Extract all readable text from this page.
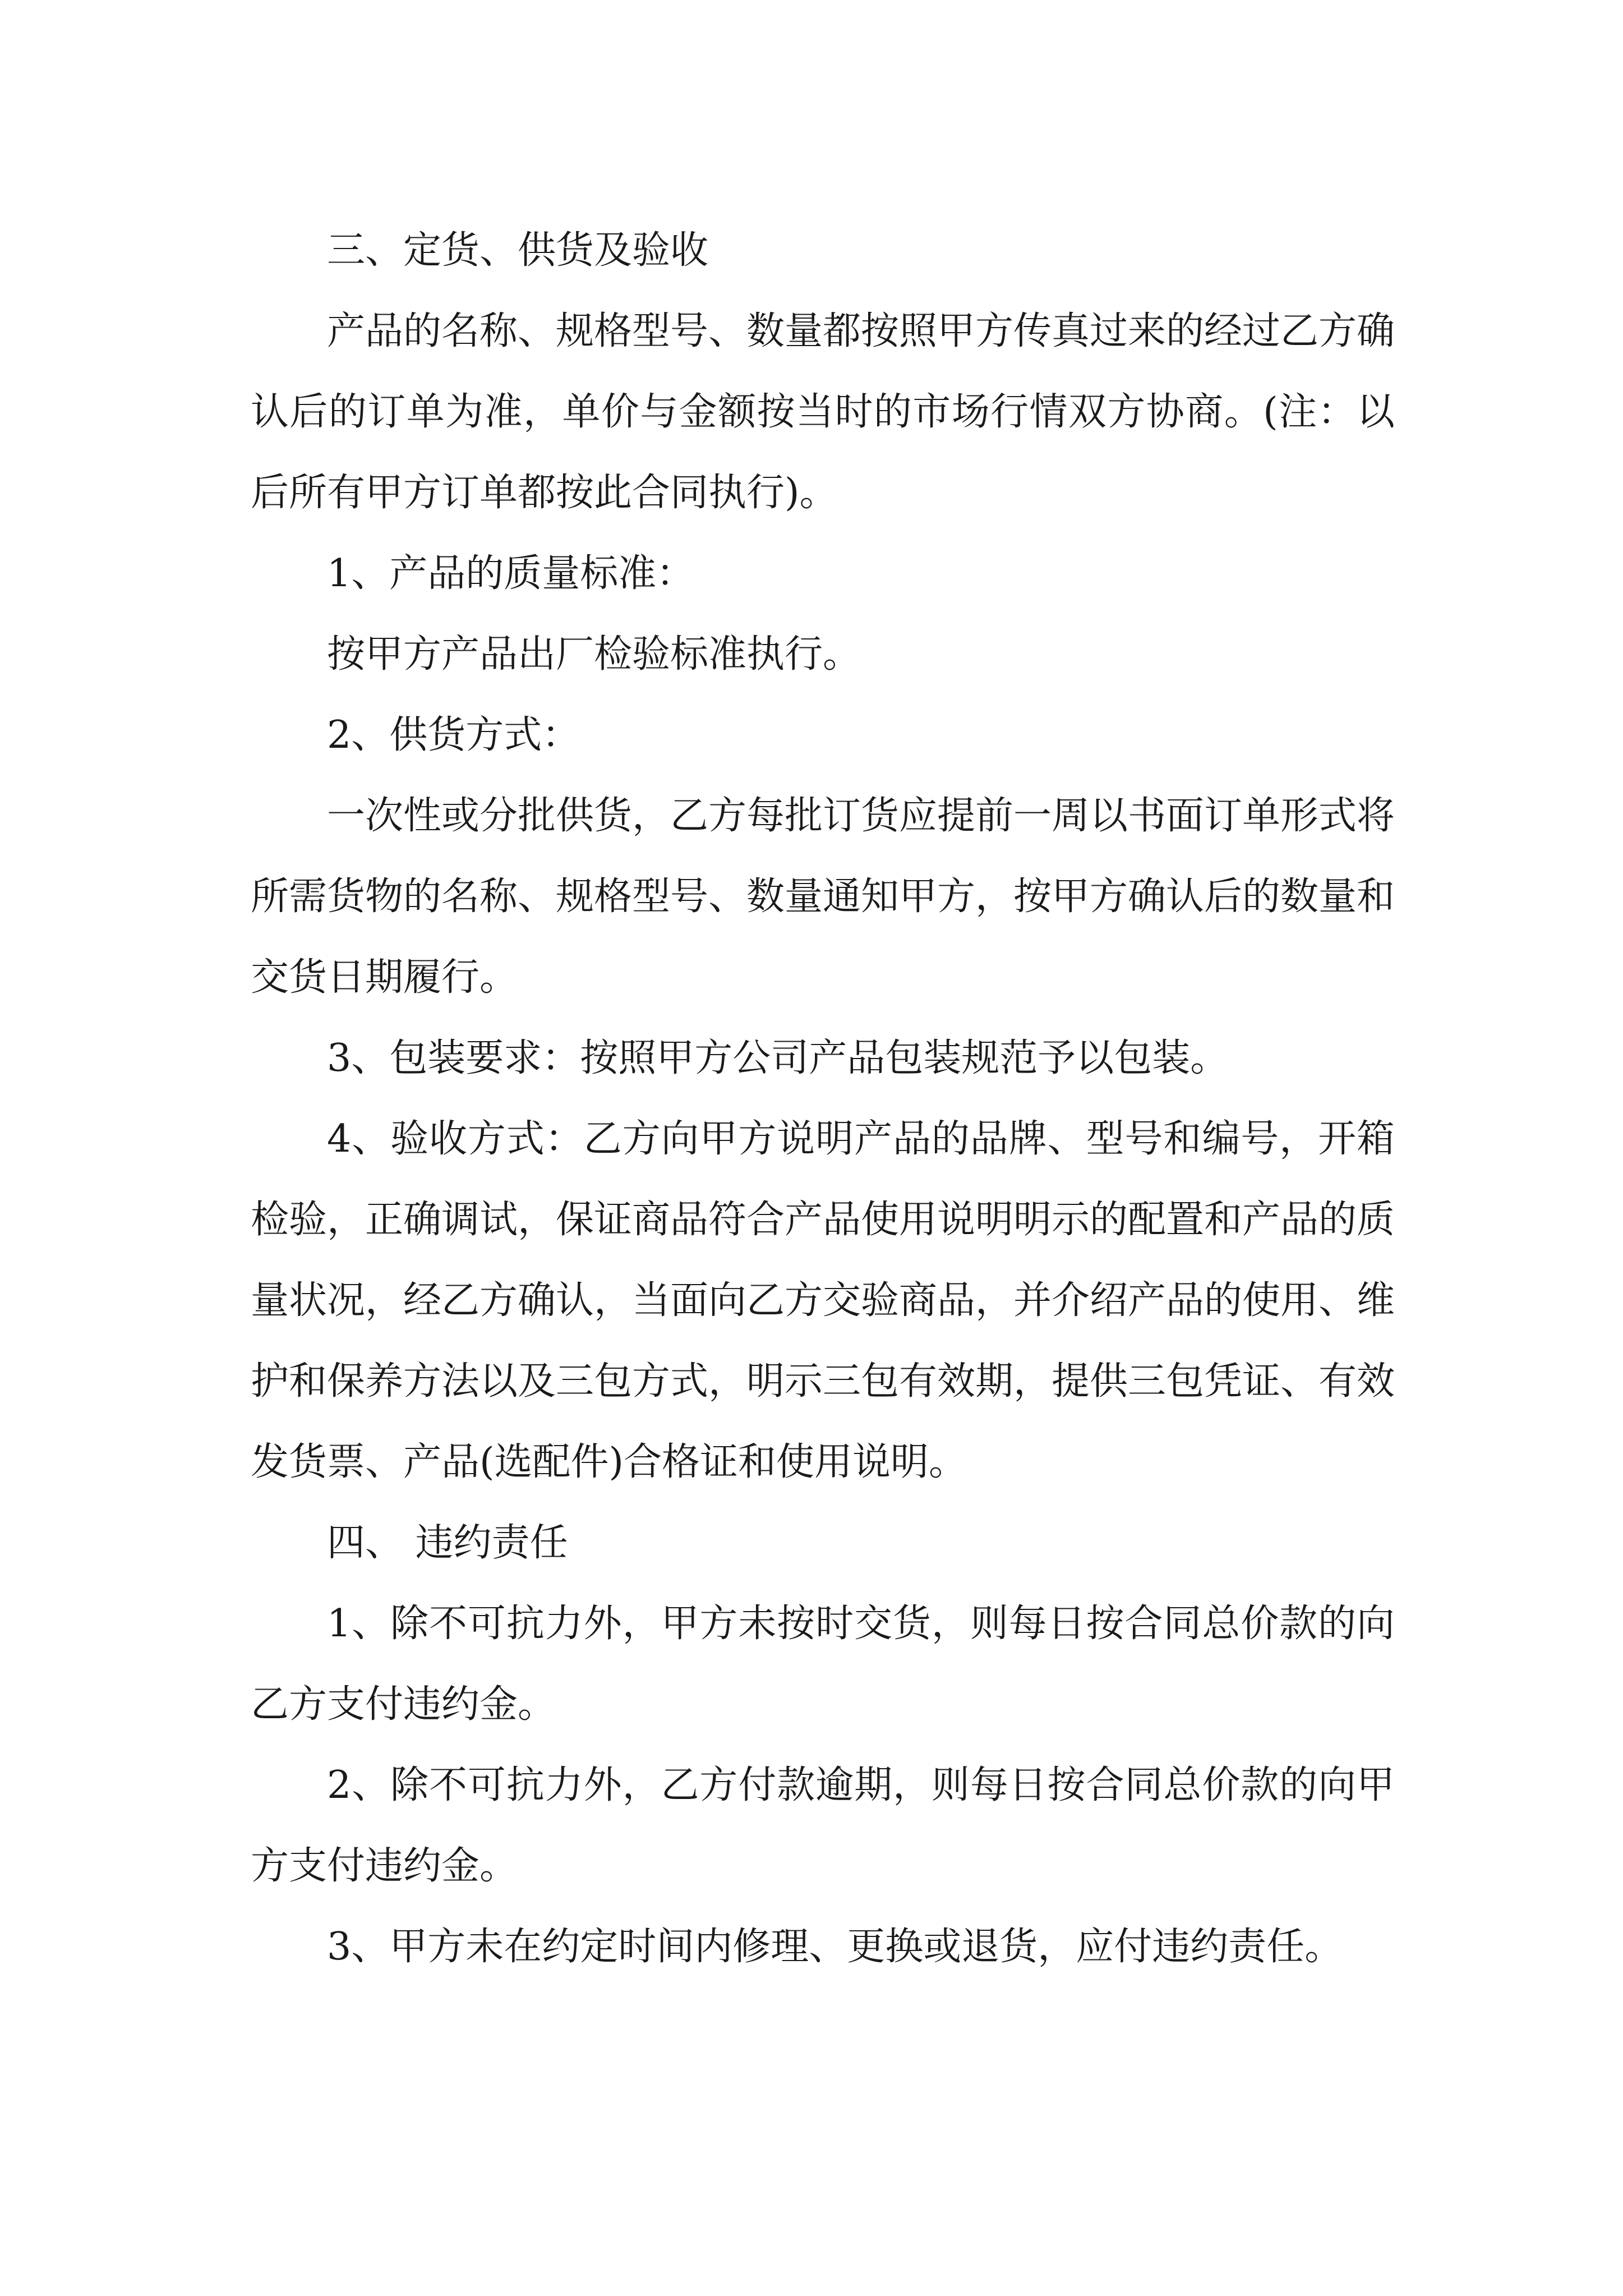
三、定货、供货及验收

产品的名称、规格型号、数量都按照甲方传真过来的经过乙方确认后的订单为准，单价与金额按当时的市场行情双方协商。(注：以后所有甲方订单都按此合同执行)。

1、产品的质量标准：

按甲方产品出厂检验标准执行。

2、供货方式：

一次性或分批供货，乙方每批订货应提前一周以书面订单形式将所需货物的名称、规格型号、数量通知甲方，按甲方确认后的数量和交货日期履行。

3、包装要求：按照甲方公司产品包装规范予以包装。

4、验收方式：乙方向甲方说明产品的品牌、型号和编号，开箱检验，正确调试，保证商品符合产品使用说明明示的配置和产品的质量状况，经乙方确认，当面向乙方交验商品，并介绍产品的使用、维护和保养方法以及三包方式，明示三包有效期，提供三包凭证、有效发货票、产品(选配件)合格证和使用说明。

四、 违约责任

1、除不可抗力外，甲方未按时交货，则每日按合同总价款的向乙方支付违约金。

2、除不可抗力外，乙方付款逾期，则每日按合同总价款的向甲方支付违约金。

3、甲方未在约定时间内修理、更换或退货，应付违约责任。
